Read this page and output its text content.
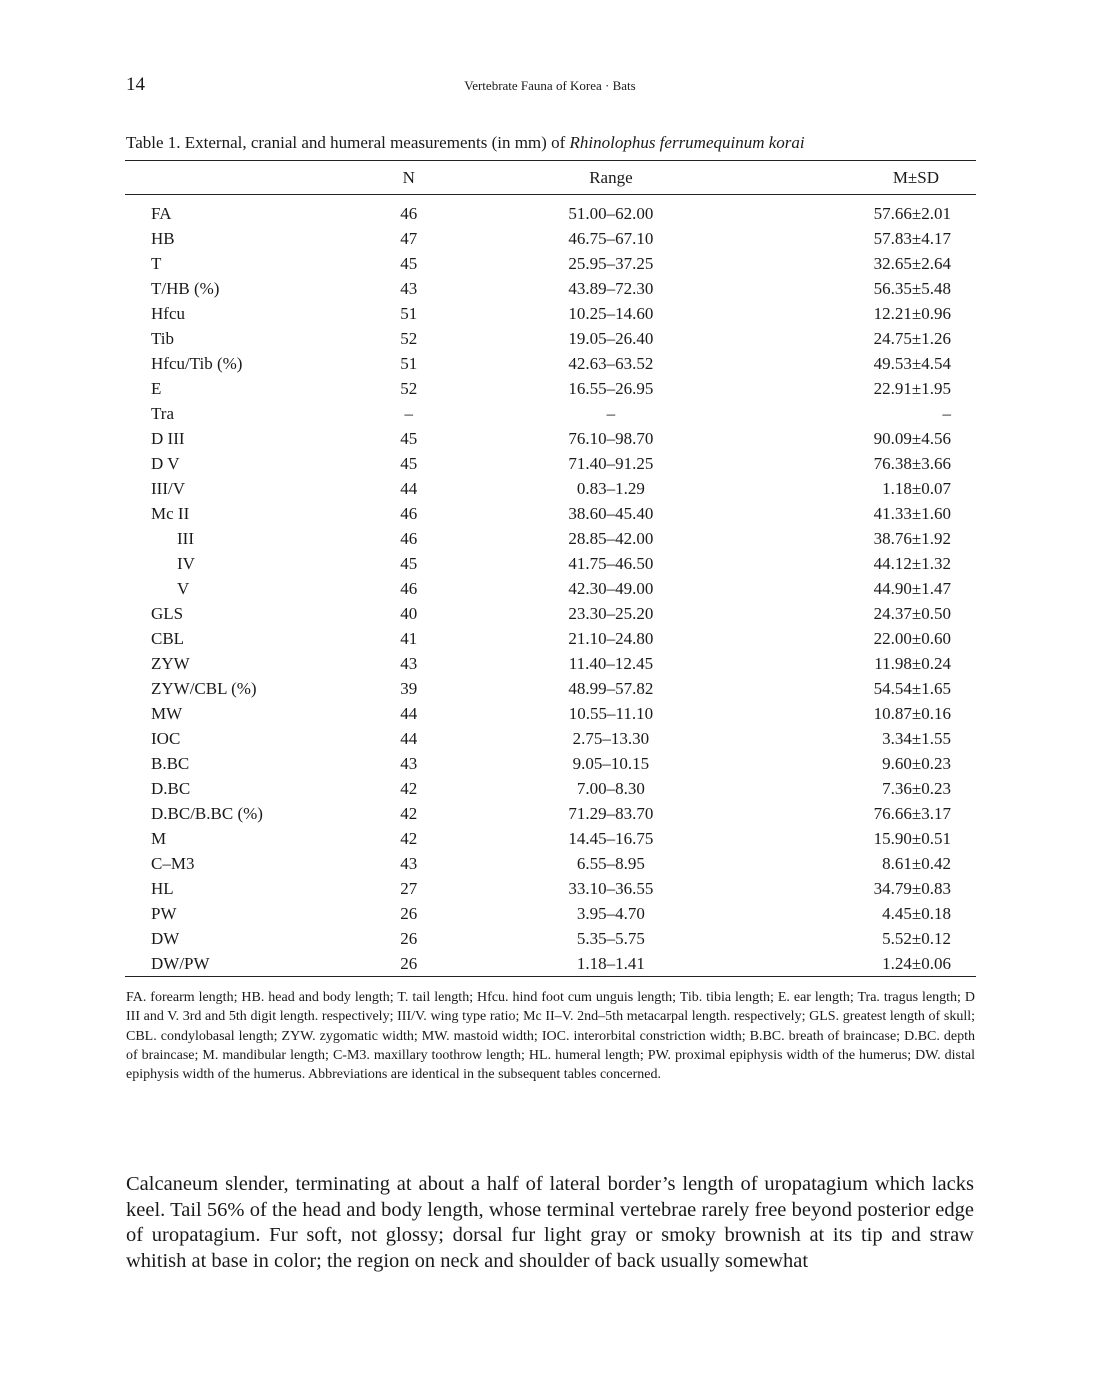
14	Vertebrate Fauna of Korea · Bats
Table 1. External, cranial and humeral measurements (in mm) of Rhinolophus ferrumequinum korai
	N	Range	M±SD
FA	46	51.00–62.00	57.66±2.01
HB	47	46.75–67.10	57.83±4.17
T	45	25.95–37.25	32.65±2.64
T/HB (%)	43	43.89–72.30	56.35±5.48
Hfcu	51	10.25–14.60	12.21±0.96
Tib	52	19.05–26.40	24.75±1.26
Hfcu/Tib (%)	51	42.63–63.52	49.53±4.54
E	52	16.55–26.95	22.91±1.95
Tra	–	–	–
D III	45	76.10–98.70	90.09±4.56
D V	45	71.40–91.25	76.38±3.66
III/V	44	0.83–1.29	1.18±0.07
Mc II	46	38.60–45.40	41.33±1.60
III	46	28.85–42.00	38.76±1.92
IV	45	41.75–46.50	44.12±1.32
V	46	42.30–49.00	44.90±1.47
GLS	40	23.30–25.20	24.37±0.50
CBL	41	21.10–24.80	22.00±0.60
ZYW	43	11.40–12.45	11.98±0.24
ZYW/CBL (%)	39	48.99–57.82	54.54±1.65
MW	44	10.55–11.10	10.87±0.16
IOC	44	2.75–13.30	3.34±1.55
B.BC	43	9.05–10.15	9.60±0.23
D.BC	42	7.00–8.30	7.36±0.23
D.BC/B.BC (%)	42	71.29–83.70	76.66±3.17
M	42	14.45–16.75	15.90±0.51
C–M3	43	6.55–8.95	8.61±0.42
HL	27	33.10–36.55	34.79±0.83
PW	26	3.95–4.70	4.45±0.18
DW	26	5.35–5.75	5.52±0.12
DW/PW	26	1.18–1.41	1.24±0.06
FA. forearm length; HB. head and body length; T. tail length; Hfcu. hind foot cum unguis length; Tib. tibia length; E. ear length; Tra. tragus length; D III and V. 3rd and 5th digit length. respectively; III/V. wing type ratio; Mc II–V. 2nd–5th metacarpal length. respectively; GLS. greatest length of skull; CBL. condylobasal length; ZYW. zygomatic width; MW. mastoid width; IOC. interorbital constriction width; B.BC. breath of braincase; D.BC. depth of braincase; M. mandibular length; C-M3. maxillary toothrow length; HL. humeral length; PW. proximal epiphysis width of the humerus; DW. distal epiphysis width of the humerus. Abbreviations are identical in the subsequent tables concerned.
Calcaneum slender, terminating at about a half of lateral border’s length of uropatagium which lacks keel. Tail 56% of the head and body length, whose terminal vertebrae rarely free beyond posterior edge of uropatagium. Fur soft, not glossy; dorsal fur light gray or smoky brownish at its tip and straw whitish at base in color; the region on neck and shoulder of back usually somewhat
